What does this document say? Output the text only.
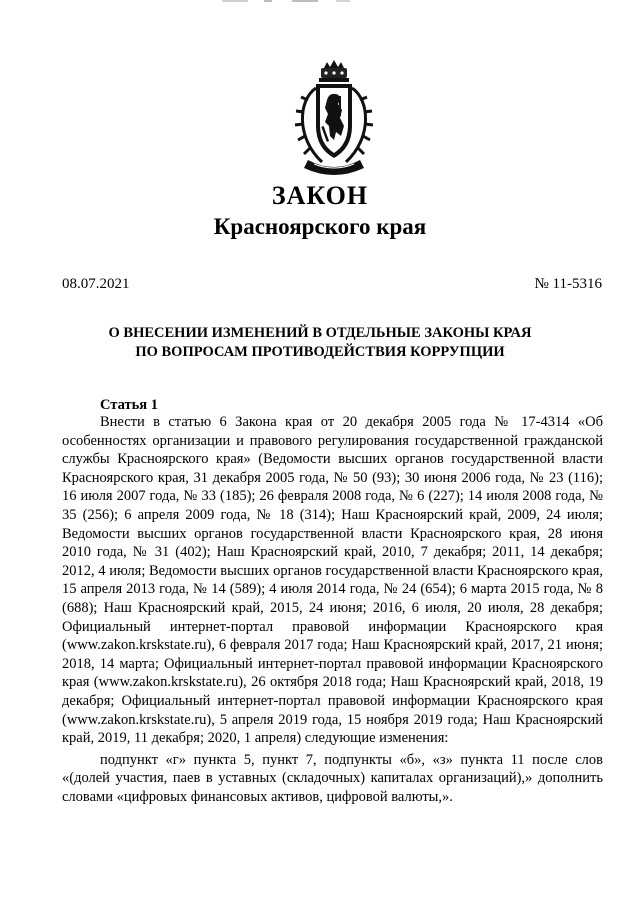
ЗАКОН
Красноярского края
08.07.2021	№ 11-5316
О ВНЕСЕНИИ ИЗМЕНЕНИЙ В ОТДЕЛЬНЫЕ ЗАКОНЫ КРАЯ
ПО ВОПРОСАМ ПРОТИВОДЕЙСТВИЯ КОРРУПЦИИ
Статья 1

Внести в статью 6 Закона края от 20 декабря 2005 года № 17-4314 «Об особенностях организации и правового регулирования государственной гражданской службы Красноярского края» (Ведомости высших органов государственной власти Красноярского края, 31 декабря 2005 года, № 50 (93); 30 июня 2006 года, № 23 (116); 16 июля 2007 года, № 33 (185); 26 февраля 2008 года, № 6 (227); 14 июля 2008 года, № 35 (256); 6 апреля 2009 года, № 18 (314); Наш Красноярский край, 2009, 24 июля; Ведомости высших органов государственной власти Красноярского края, 28 июня 2010 года, № 31 (402); Наш Красноярский край, 2010, 7 декабря; 2011, 14 декабря; 2012, 4 июля; Ведомости высших органов государственной власти Красноярского края, 15 апреля 2013 года, № 14 (589); 4 июля 2014 года, № 24 (654); 6 марта 2015 года, № 8 (688); Наш Красноярский край, 2015, 24 июня; 2016, 6 июля, 20 июля, 28 декабря; Официальный интернет-портал правовой информации Красноярского края (www.zakon.krskstate.ru), 6 февраля 2017 года; Наш Красноярский край, 2017, 21 июня; 2018, 14 марта; Официальный интернет-портал правовой информации Красноярского края (www.zakon.krskstate.ru), 26 октября 2018 года; Наш Красноярский край, 2018, 19 декабря; Официальный интернет-портал правовой информации Красноярского края (www.zakon.krskstate.ru), 5 апреля 2019 года, 15 ноября 2019 года; Наш Красноярский край, 2019, 11 декабря; 2020, 1 апреля) следующие изменения:

подпункт «г» пункта 5, пункт 7, подпункты «б», «з» пункта 11 после слов «(долей участия, паев в уставных (складочных) капиталах организаций),» дополнить словами «цифровых финансовых активов, цифровой валюты,».
